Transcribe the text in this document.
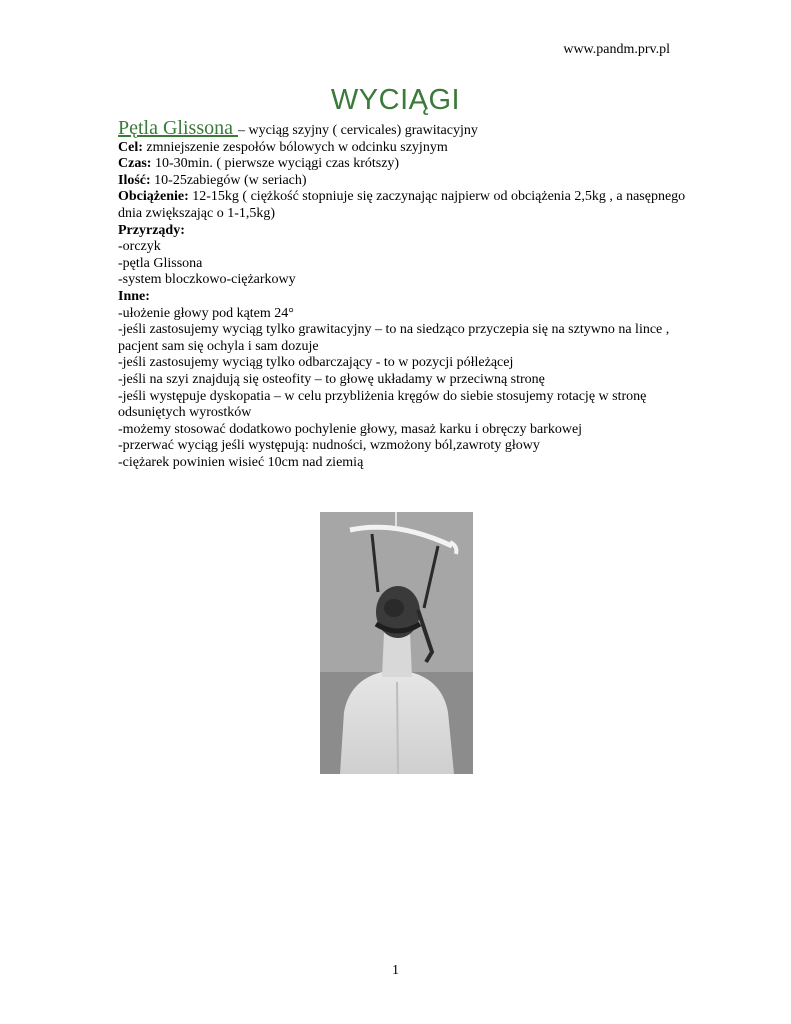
www.pandm.prv.pl
WYCIĄGI

Pętla Glissona – wyciąg szyjny ( cervicales) grawitacyjny

Cel: zmniejszenie zespołów bólowych w odcinku szyjnym

Czas: 10-30min. ( pierwsze wyciągi czas krótszy)

Ilość: 10-25zabiegów (w seriach)

Obciążenie: 12-15kg ( ciężkość stopniuje się zaczynając najpierw od obciążenia 2,5kg , a nasępnego dnia zwiększając o 1-1,5kg)

Przyrządy:

-orczyk

-pętla Glissona

-system bloczkowo-ciężarkowy

Inne:

-ułożenie głowy pod kątem 24°

-jeśli zastosujemy wyciąg tylko grawitacyjny – to na siedząco przyczepia się na sztywno na lince , pacjent sam się ochyla i sam dozuje

-jeśli zastosujemy wyciąg tylko odbarczający - to w pozycji półleżącej

-jeśli na szyi znajdują się osteofity – to głowę układamy w przeciwną stronę

-jeśli występuje dyskopatia – w celu przybliżenia kręgów do siebie stosujemy rotację w stronę odsuniętych wyrostków

-możemy stosować dodatkowo pochylenie głowy, masaż karku i obręczy barkowej

-przerwać wyciąg jeśli występują: nudności, wzmożony ból,zawroty głowy

-ciężarek powinien wisieć 10cm nad ziemią

1
